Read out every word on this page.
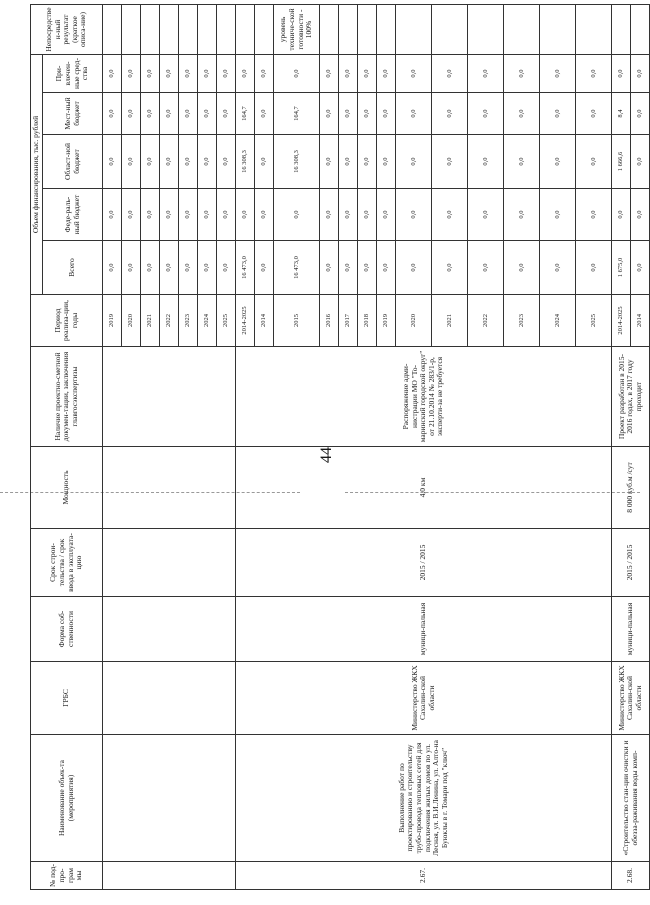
44
№ под-про-грам мы	Наименование объек-та (мероприятия)	ГРБС	Форма соб-ственности	Срок строи-тельства / срок ввода в эксплуата-цию	Мощность	Наличие проектно-сметной докумен-тации, заключения главгосэкспертизы	Период реализа-ции, годы	Объем финансирования, тыс. рублей					Непосредствен-ный результат (краткое описа-ние)
								Всего	Феде-раль-ный бюджет	Област-ной бюджет	Мест-ный бюджет	При-влечен-ные сред-ства	
							2019	0,0	0,0	0,0	0,0	0,0	
							2020	0,0	0,0	0,0	0,0	0,0	
							2021	0,0	0,0	0,0	0,0	0,0	
							2022	0,0	0,0	0,0	0,0	0,0	
							2023	0,0	0,0	0,0	0,0	0,0	
							2024	0,0	0,0	0,0	0,0	0,0	
							2025	0,0	0,0	0,0	0,0	0,0	
2.67.	Выполнение работ по проектированию и строительству трубо-провода тепловых сетей для подключения жилых домов по ул. Лесная, ул. В.И.Ленина, ул. Алто-на Буюклы в г. Томари под "ключ"	Министерство ЖКХ Сахалин-ской области	муници-пальная	2015 / 2015	4,0 км	Распоряжение адми-нистрации МО "То-маринский городской округ" от 21.10.2014 № 283/1-р, эксперти-за не требуется	2014-2025	16 473,0	0,0	16 308,3	164,7	0,0	
							2014	0,0	0,0	0,0	0,0	0,0	
							2015	16 473,0	0,0	16 308,3	164,7	0,0	уровень техниче-ской готовности - 100%
							2016	0,0	0,0	0,0	0,0	0,0	
							2017	0,0	0,0	0,0	0,0	0,0	
							2018	0,0	0,0	0,0	0,0	0,0	
							2019	0,0	0,0	0,0	0,0	0,0	
							2020	0,0	0,0	0,0	0,0	0,0	
							2021	0,0	0,0	0,0	0,0	0,0	
							2022	0,0	0,0	0,0	0,0	0,0	
							2023	0,0	0,0	0,0	0,0	0,0	
							2024	0,0	0,0	0,0	0,0	0,0	
							2025	0,0	0,0	0,0	0,0	0,0	
2.68.	«Строительство стан-ции очистки и обезза-раживания воды комп-	Министерство ЖКХ Сахалин-ской области	муници-пальная	2015 / 2015	8 000 куб.м /сут	Проект разработан в 2015-2016 годах, в 2017 году проходит	2014-2025	1 675,0	0,0	1 666,6	8,4	0,0	
							2014	0,0	0,0	0,0	0,0	0,0	
